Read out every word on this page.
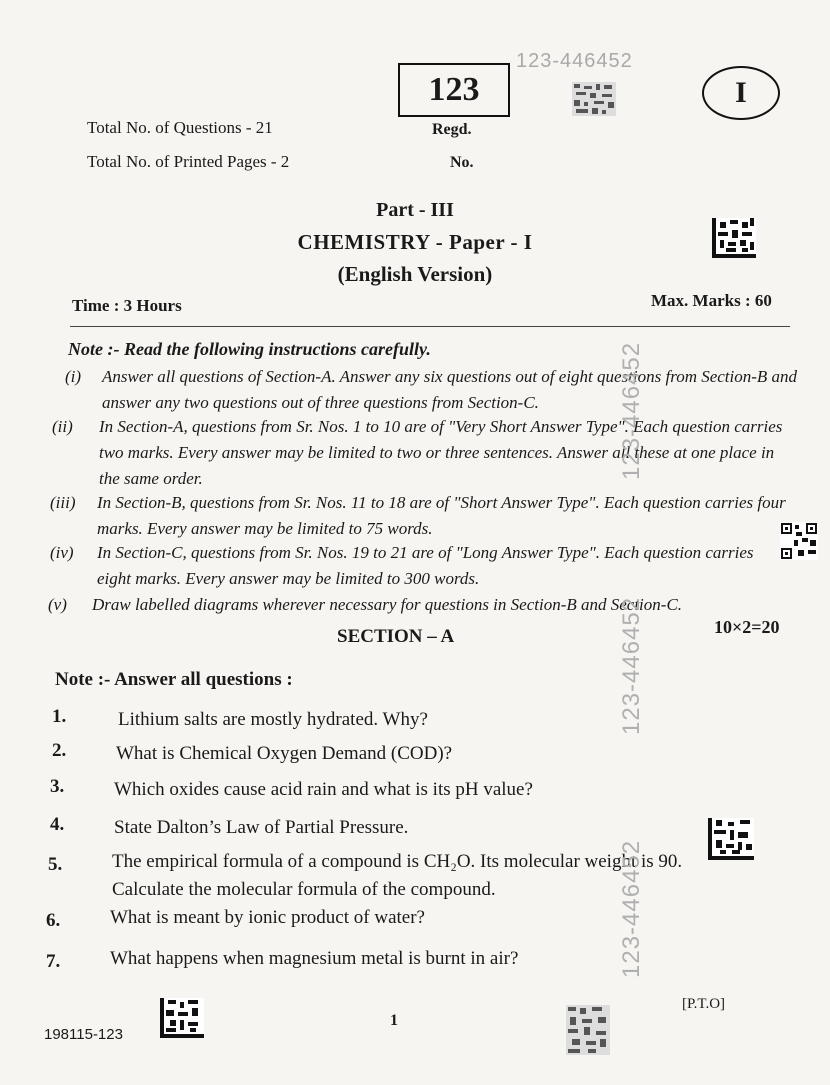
123
123-446452
I
Total No. of Questions - 21
Total No. of Printed Pages - 2
Regd.
No.
Part - III
CHEMISTRY - Paper - I
(English Version)
Time : 3 Hours	Max. Marks : 60
Note :- Read the following instructions carefully.
(i) Answer all questions of Section-A. Answer any six questions out of eight questions from Section-B and answer any two questions out of three questions from Section-C.
(ii) In Section-A, questions from Sr. Nos. 1 to 10 are of "Very Short Answer Type". Each question carries two marks. Every answer may be limited to two or three sentences. Answer all these at one place in the same order.
(iii) In Section-B, questions from Sr. Nos. 11 to 18 are of "Short Answer Type". Each question carries four marks. Every answer may be limited to 75 words.
(iv) In Section-C, questions from Sr. Nos. 19 to 21 are of "Long Answer Type". Each question carries eight marks. Every answer may be limited to 300 words.
(v) Draw labelled diagrams wherever necessary for questions in Section-B and Section-C.
SECTION – A	10×2=20
Note :- Answer all questions :
1.	Lithium salts are mostly hydrated. Why?
2.	What is Chemical Oxygen Demand (COD)?
3.	Which oxides cause acid rain and what is its pH value?
4.	State Dalton’s Law of Partial Pressure.
5.	The empirical formula of a compound is CH₂O. Its molecular weight is 90. Calculate the molecular formula of the compound.
6.	What is meant by ionic product of water?
7.	What happens when magnesium metal is burnt in air?
123-446452
123-446452
123-446452
198115-123
1
[P.T.O]
